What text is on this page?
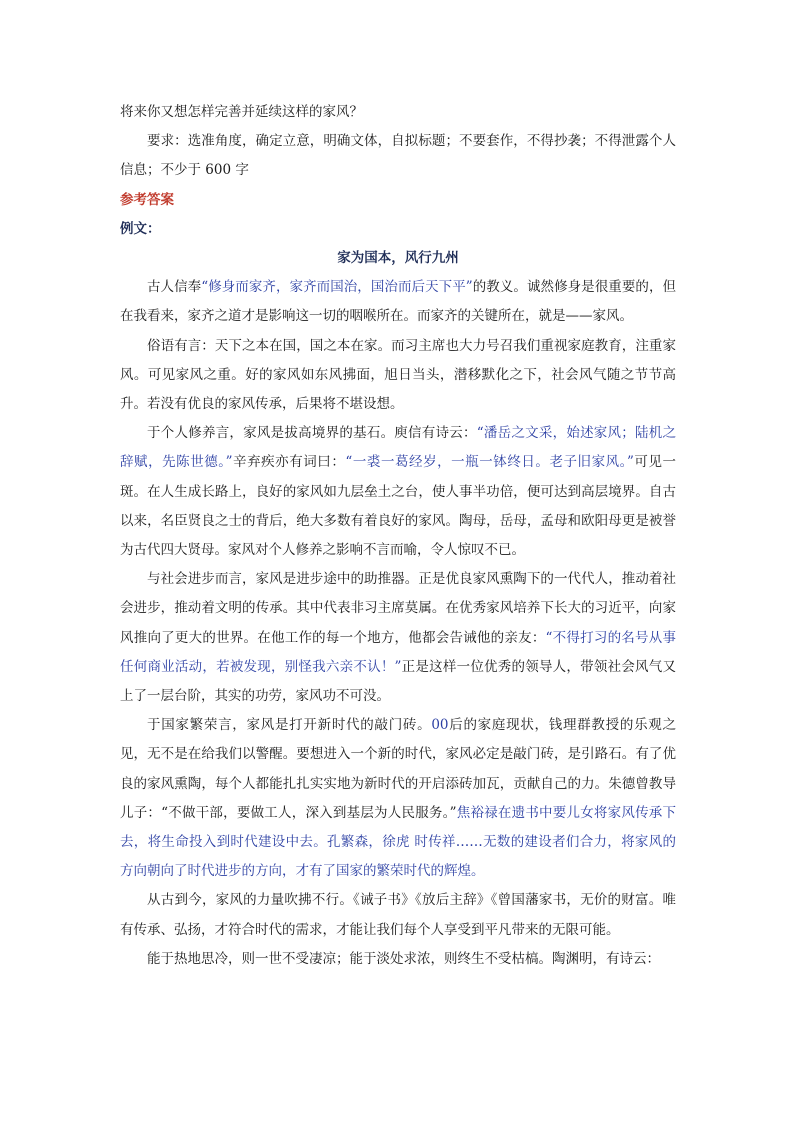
将来你又想怎样完善并延续这样的家风？

要求：选准角度，确定立意，明确文体，自拟标题；不要套作，不得抄袭；不得泄露个人信息；不少于 600 字

参考答案

例文：

家为国本，风行九州

古人信奉“修身而家齐，家齐而国治，国治而后天下平”的教义。诚然修身是很重要的，但在我看来，家齐之道才是影响这一切的咽喉所在。而家齐的关键所在，就是——家风。

俗语有言：天下之本在国，国之本在家。而习主席也大力号召我们重视家庭教育，注重家风。可见家风之重。好的家风如东风拂面，旭日当头，潜移默化之下，社会风气随之节节高升。若没有优良的家风传承，后果将不堪设想。

于个人修养言，家风是拔高境界的基石。庾信有诗云：“潘岳之文采，始述家风；陆机之辞赋，先陈世德。”辛弃疾亦有词曰：“一裘一葛经岁，一瓶一钵终日。老子旧家风。”可见一斑。在人生成长路上，良好的家风如九层垒土之台，使人事半功倍，便可达到高层境界。自古以来，名臣贤良之士的背后，绝大多数有着良好的家风。陶母，岳母，孟母和欧阳母更是被誉为古代四大贤母。家风对个人修养之影响不言而喻，令人惊叹不已。

与社会进步而言，家风是进步途中的助推器。正是优良家风熏陶下的一代代人，推动着社会进步，推动着文明的传承。其中代表非习主席莫属。在优秀家风培养下长大的习近平，向家风推向了更大的世界。在他工作的每一个地方，他都会告诫他的亲友：“不得打习的名号从事任何商业活动，若被发现，别怪我六亲不认！”正是这样一位优秀的领导人，带领社会风气又上了一层台阶，其实的功劳，家风功不可没。

于国家繁荣言，家风是打开新时代的敲门砖。00后的家庭现状，钱理群教授的乐观之见，无不是在给我们以警醒。要想进入一个新的时代，家风必定是敲门砖，是引路石。有了优良的家风熏陶，每个人都能扎扎实实地为新时代的开启添砖加瓦，贡献自己的力。朱德曾教导儿子：“不做干部，要做工人，深入到基层为人民服务。”焦裕禄在遗书中要儿女将家风传承下去，将生命投入到时代建设中去。孔繁森，徐虎 时传祥……无数的建设者们合力，将家风的方向朝向了时代进步的方向，才有了国家的繁荣时代的辉煌。

从古到今，家风的力量吹拂不行。《诫子书》《放后主辞》《曾国藩家书，无价的财富。唯有传承、弘扬，才符合时代的需求，才能让我们每个人享受到平凡带来的无限可能。

能于热地思冷，则一世不受凄凉；能于淡处求浓，则终生不受枯槁。陶渊明，有诗云：
